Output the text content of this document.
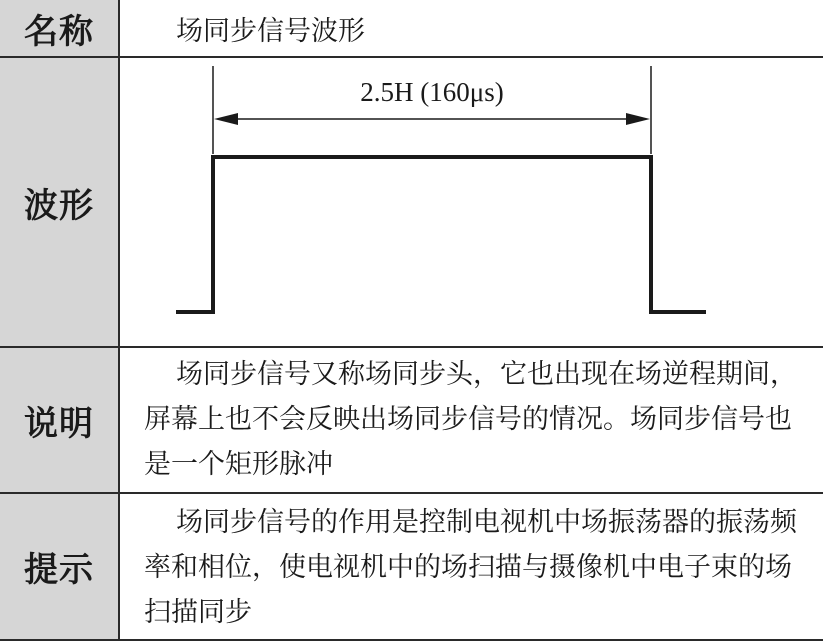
名称	场同步信号波形
波形
2.5H (160μs)
说明
场同步信号又称场同步头，它也出现在场逆程期间，屏幕上也不会反映出场同步信号的情况。场同步信号也是一个矩形脉冲
提示
场同步信号的作用是控制电视机中场振荡器的振荡频率和相位，使电视机中的场扫描与摄像机中电子束的场扫描同步
